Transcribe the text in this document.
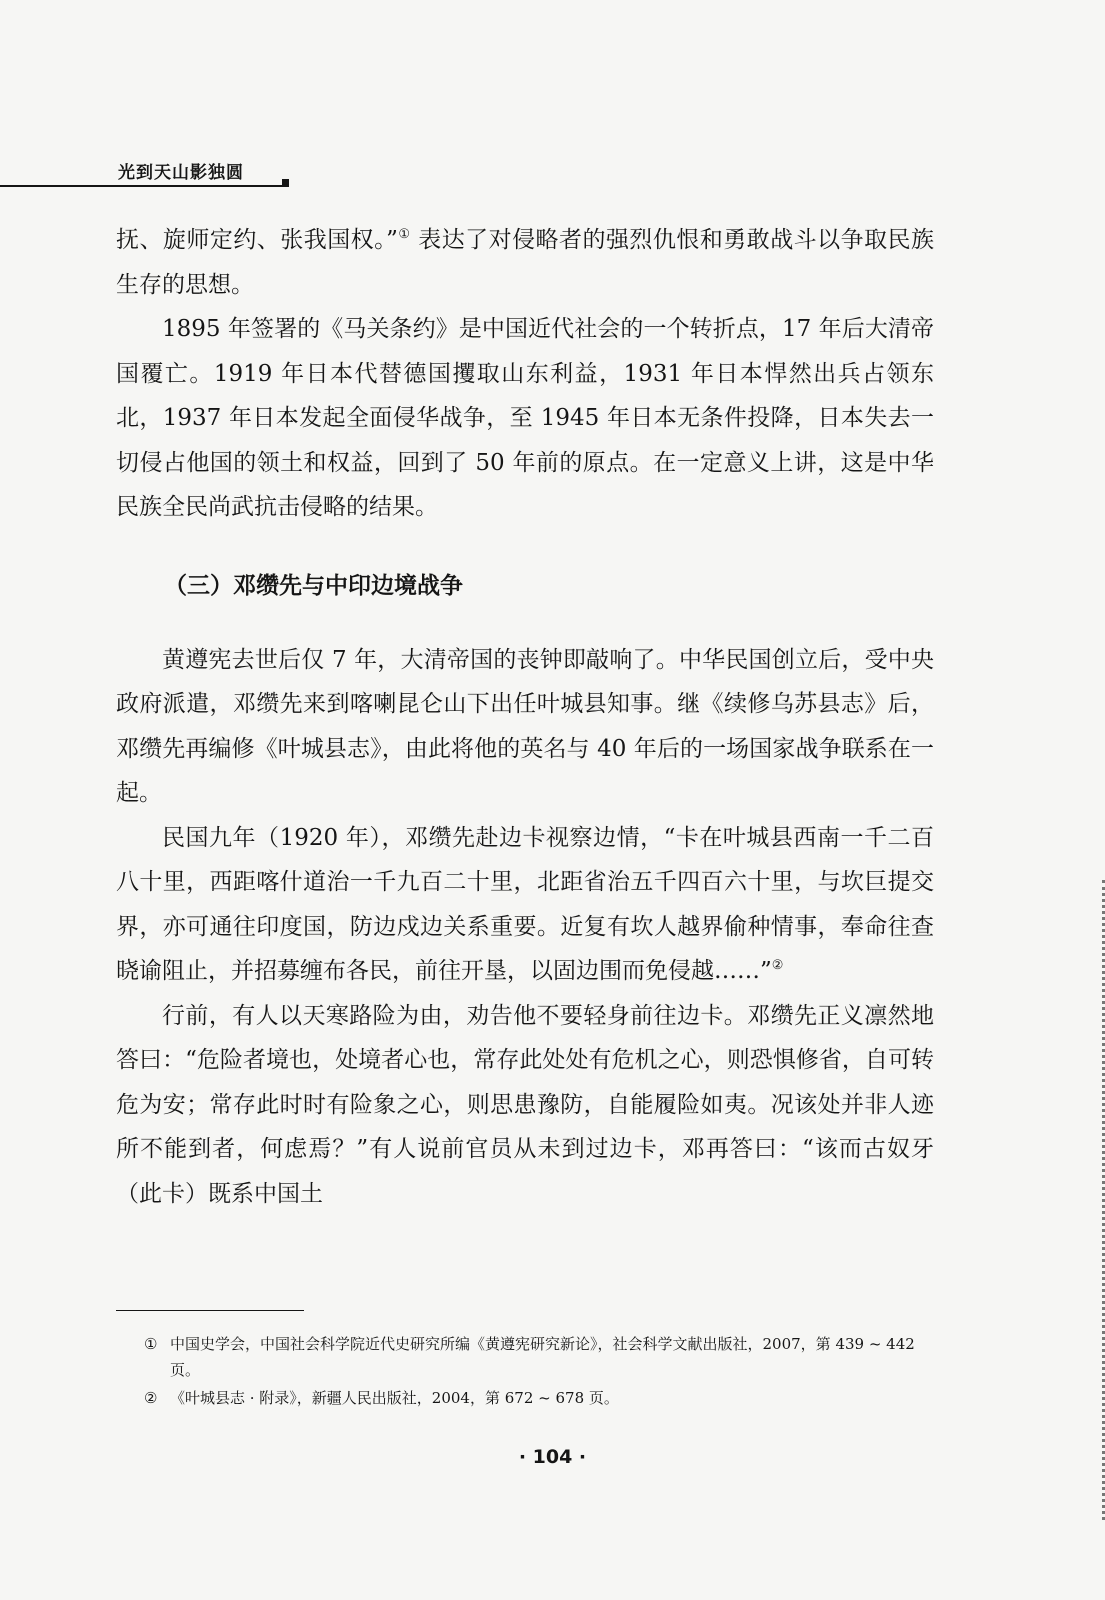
光到天山影独圆

抚、旋师定约、张我国权。”① 表达了对侵略者的强烈仇恨和勇敢战斗以争取民族生存的思想。

1895 年签署的《马关条约》是中国近代社会的一个转折点，17 年后大清帝国覆亡。1919 年日本代替德国攫取山东利益，1931 年日本悍然出兵占领东北，1937 年日本发起全面侵华战争，至 1945 年日本无条件投降，日本失去一切侵占他国的领土和权益，回到了 50 年前的原点。在一定意义上讲，这是中华民族全民尚武抗击侵略的结果。

（三）邓缵先与中印边境战争

黄遵宪去世后仅 7 年，大清帝国的丧钟即敲响了。中华民国创立后，受中央政府派遣，邓缵先来到喀喇昆仑山下出任叶城县知事。继《续修乌苏县志》后，邓缵先再编修《叶城县志》，由此将他的英名与 40 年后的一场国家战争联系在一起。

民国九年（1920 年），邓缵先赴边卡视察边情，“卡在叶城县西南一千二百八十里，西距喀什道治一千九百二十里，北距省治五千四百六十里，与坎巨提交界，亦可通往印度国，防边戍边关系重要。近复有坎人越界偷种情事，奉命往查晓谕阻止，并招募缠布各民，前往开垦，以固边围而免侵越……”②

行前，有人以天寒路险为由，劝告他不要轻身前往边卡。邓缵先正义凛然地答曰：“危险者境也，处境者心也，常存此处处有危机之心，则恐惧修省，自可转危为安；常存此时时有险象之心，则思患豫防，自能履险如夷。况该处并非人迹所不能到者，何虑焉？”有人说前官员从未到过边卡，邓再答曰：“该而古奴牙（此卡）既系中国土

① 中国史学会，中国社会科学院近代史研究所编《黄遵宪研究新论》，社会科学文献出版社，2007，第 439 ~ 442 页。
② 《叶城县志 · 附录》，新疆人民出版社，2004，第 672 ~ 678 页。
· 104 ·
